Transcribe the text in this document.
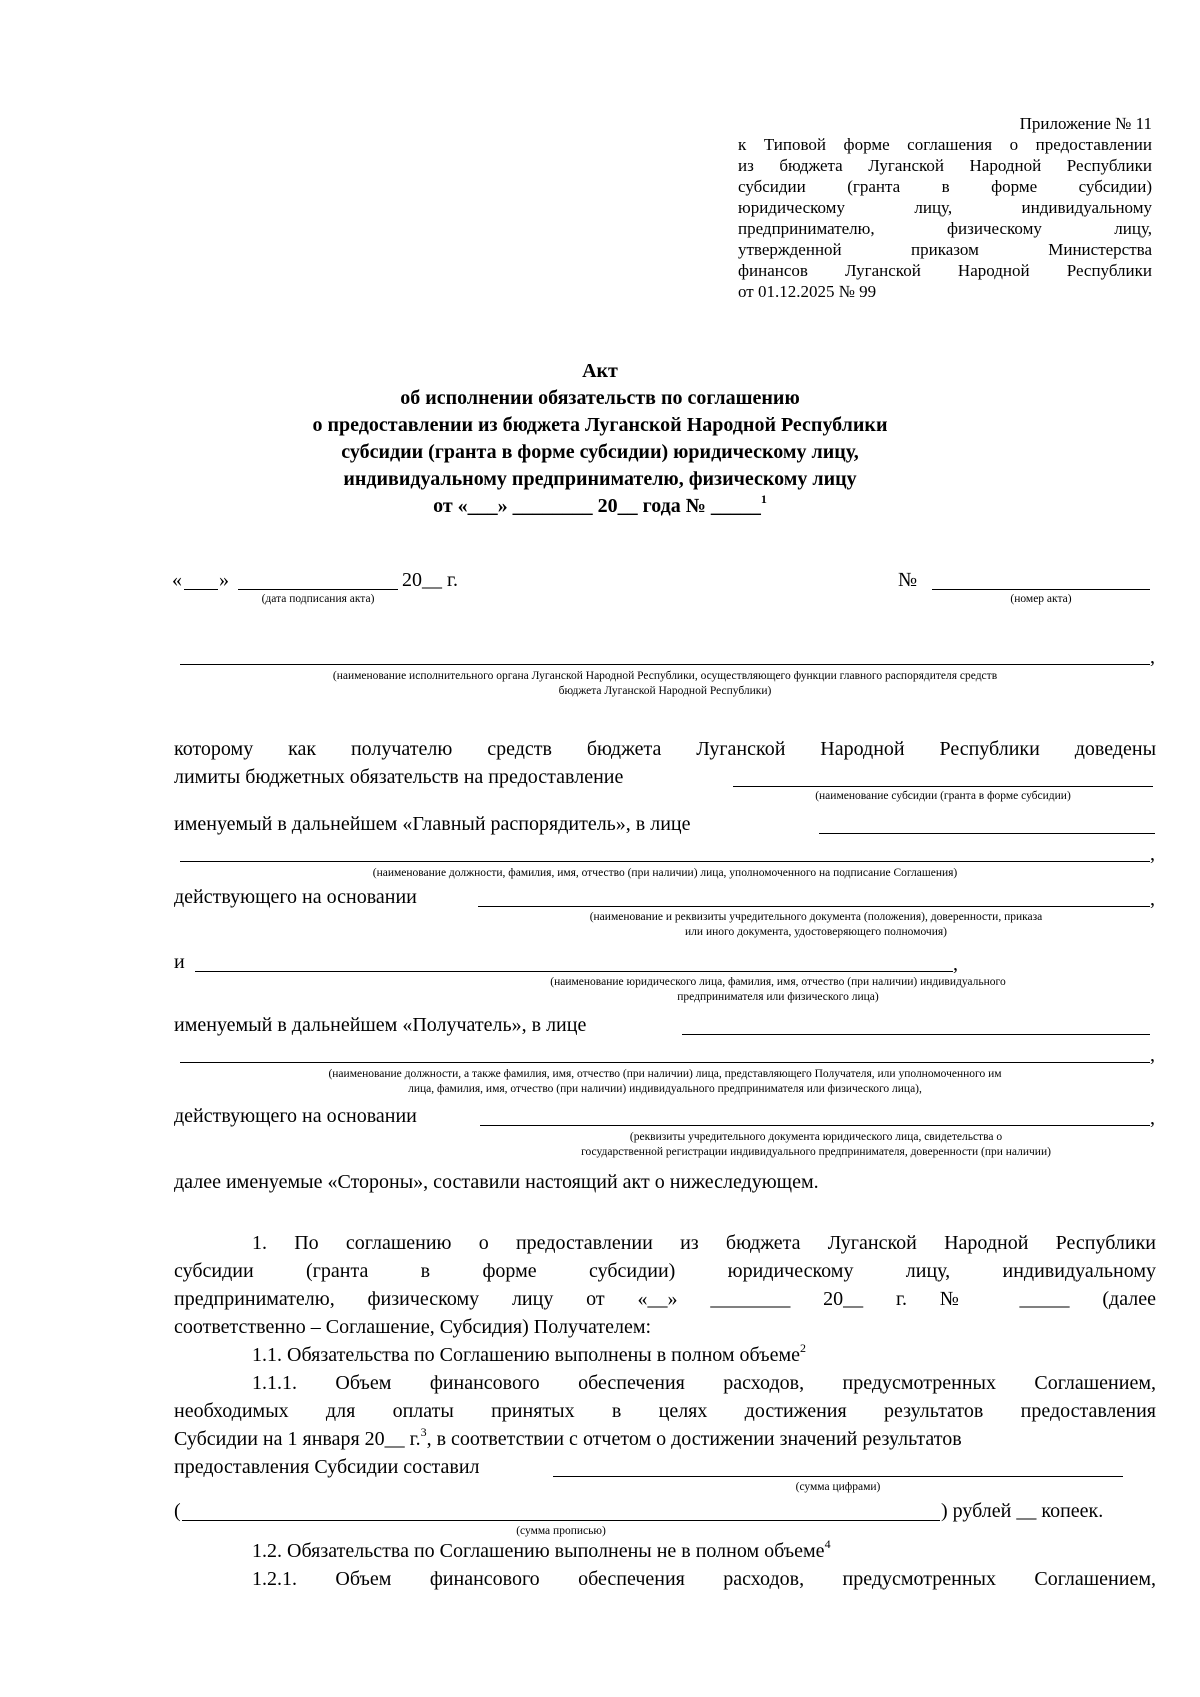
Приложение № 11
к Типовой форме соглашения о предоставлении
из бюджета Луганской Народной Республики
субсидии (гранта в форме субсидии)
юридическому лицу, индивидуальному
предпринимателю, физическому лицу,
утвержденной приказом Министерства
финансов Луганской Народной Республики
от 01.12.2025 № 99
Акт
об исполнении обязательств по соглашению
о предоставлении из бюджета Луганской Народной Республики
субсидии (гранта в форме субсидии) юридическому лицу,
индивидуальному предпринимателю, физическому лицу
от «___» ________ 20__ года № _____$^1$
« »	20__ г.
(дата подписания акта)
№
(номер акта)
,
(наименование исполнительного органа Луганской Народной Республики, осуществляющего функции главного распорядителя средств
бюджета Луганской Народной Республики)
которому как получателю средств бюджета Луганской Народной Республики доведены
лимиты бюджетных обязательств на предоставление
(наименование субсидии (гранта в форме субсидии)
именуемый в дальнейшем «Главный распорядитель», в лице
,
(наименование должности, фамилия, имя, отчество (при наличии) лица, уполномоченного на подписание Соглашения)
действующего на основании	,
(наименование и реквизиты учредительного документа (положения), доверенности, приказа
или иного документа, удостоверяющего полномочия)
и	,
(наименование юридического лица, фамилия, имя, отчество (при наличии) индивидуального
предпринимателя или физического лица)
именуемый в дальнейшем «Получатель», в лице
,
(наименование должности, а также фамилия, имя, отчество (при наличии) лица, представляющего Получателя, или уполномоченного им
лица, фамилия, имя, отчество (при наличии) индивидуального предпринимателя или физического лица),
действующего на основании	,
(реквизиты учредительного документа юридического лица, свидетельства о
государственной регистрации индивидуального предпринимателя, доверенности (при наличии)
далее именуемые «Стороны», составили настоящий акт о нижеследующем.
1. По соглашению о предоставлении из бюджета Луганской Народной Республики
субсидии (гранта в форме субсидии) юридическому лицу, индивидуальному
предпринимателю, физическому лицу от «__» ________ 20__ г. № _____ (далее
соответственно – Соглашение, Субсидия) Получателем:
1.1. Обязательства по Соглашению выполнены в полном объеме$^2$
1.1.1. Объем финансового обеспечения расходов, предусмотренных Соглашением,
необходимых для оплаты принятых в целях достижения результатов предоставления
Субсидии на 1 января 20__ г.$^3$, в соответствии с отчетом о достижении значений результатов
предоставления Субсидии составил
(сумма цифрами)
(	) рублей __ копеек.
(сумма прописью)
1.2. Обязательства по Соглашению выполнены не в полном объеме$^4$
1.2.1. Объем финансового обеспечения расходов, предусмотренных Соглашением,
